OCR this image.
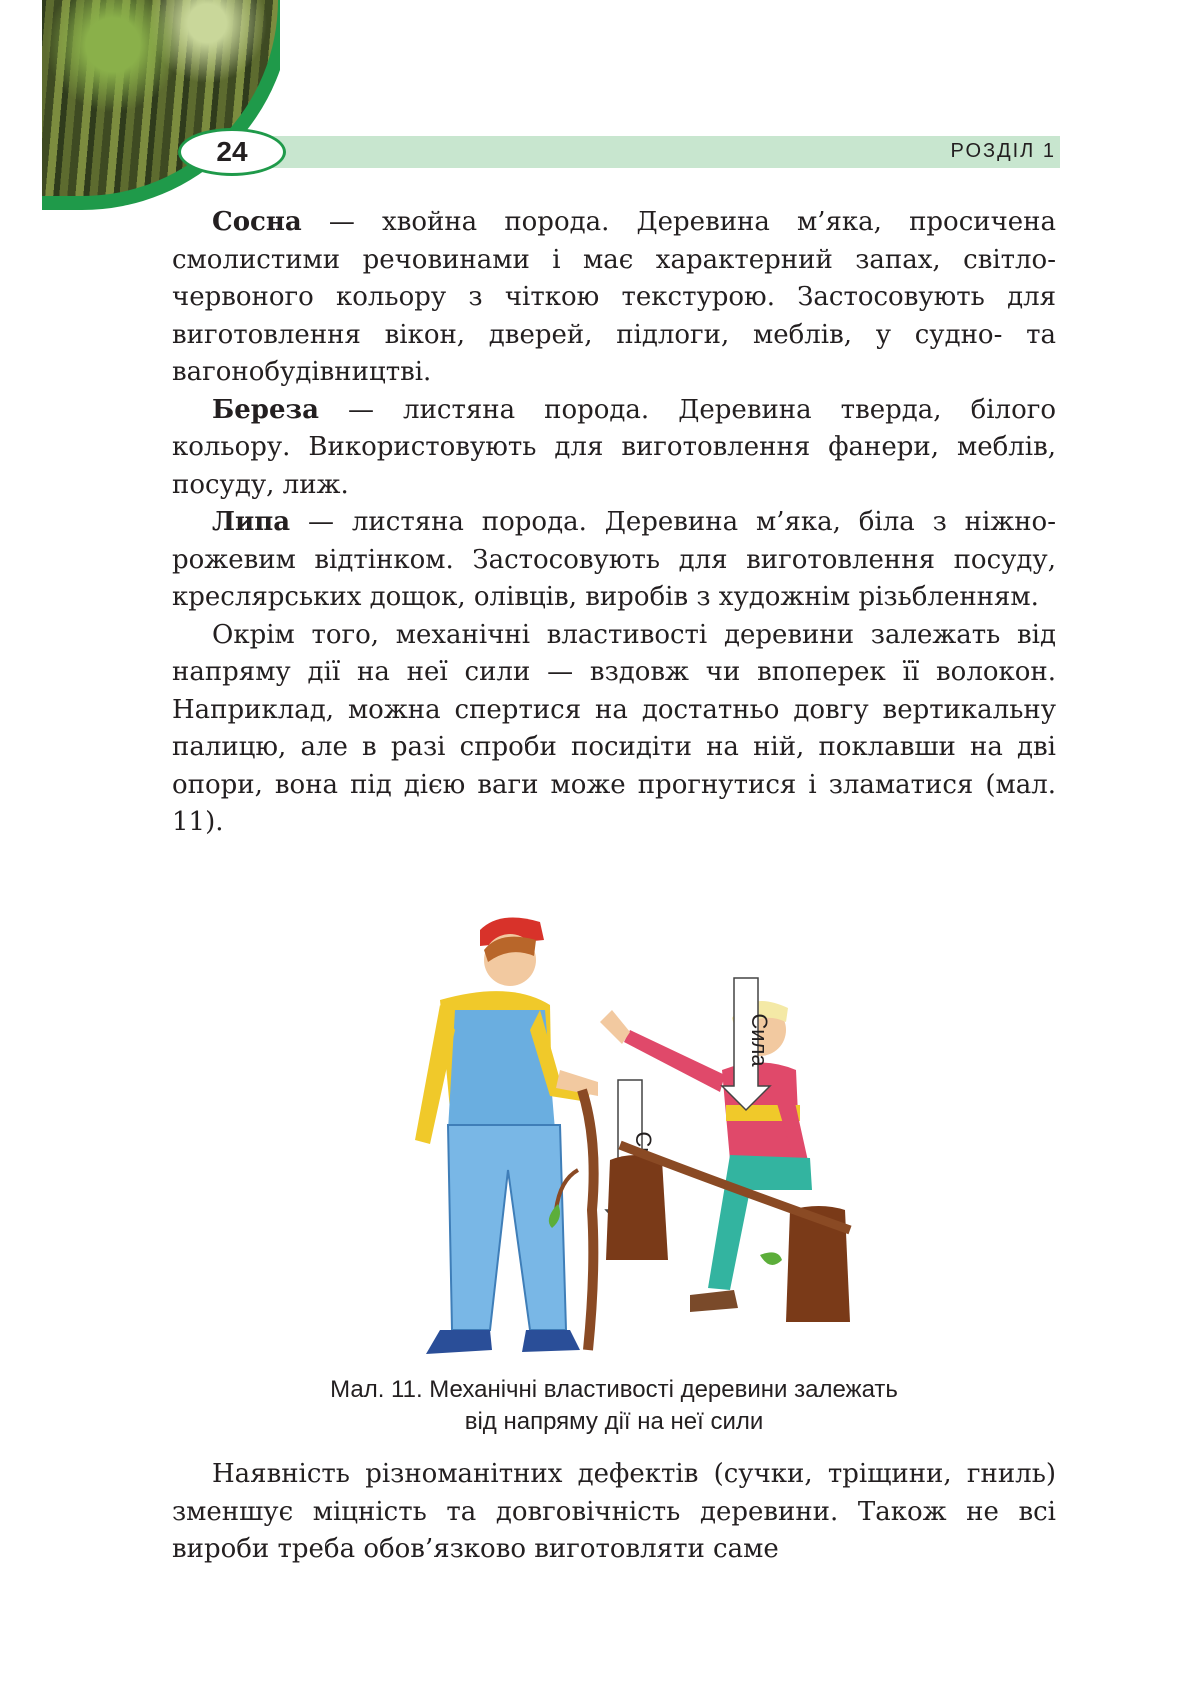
24	РОЗДІЛ 1

Сосна — хвойна порода. Деревина м’яка, просичена смолистими речовинами і має характерний запах, світло-червоного кольору з чіткою текстурою. Застосовують для виготовлення вікон, дверей, підлоги, меблів, у судно- та вагонобудівництві.

Береза — листяна порода. Деревина тверда, білого кольору. Використовують для виготовлення фанери, меблів, посуду, лиж.

Липа — листяна порода. Деревина м’яка, біла з ніжно-рожевим відтінком. Застосовують для виготовлення посуду, креслярських дощок, олівців, виробів з художнім різьбленням.

Окрім того, механічні властивості деревини залежать від напряму дії на неї сили — вздовж чи впоперек її волокон. Наприклад, можна спертися на достатньо довгу вертикальну палицю, але в разі спроби посидіти на ній, поклавши на дві опори, вона під дією ваги може прогнутися і зламатися (мал. 11).

Сила
Мал. 11. Механічні властивості деревини залежать
від напряму дії на неї сили

Наявність різноманітних дефектів (сучки, тріщини, гниль) зменшує міцність та довговічність деревини. Також не всі вироби треба обов’язково виготовляти саме
